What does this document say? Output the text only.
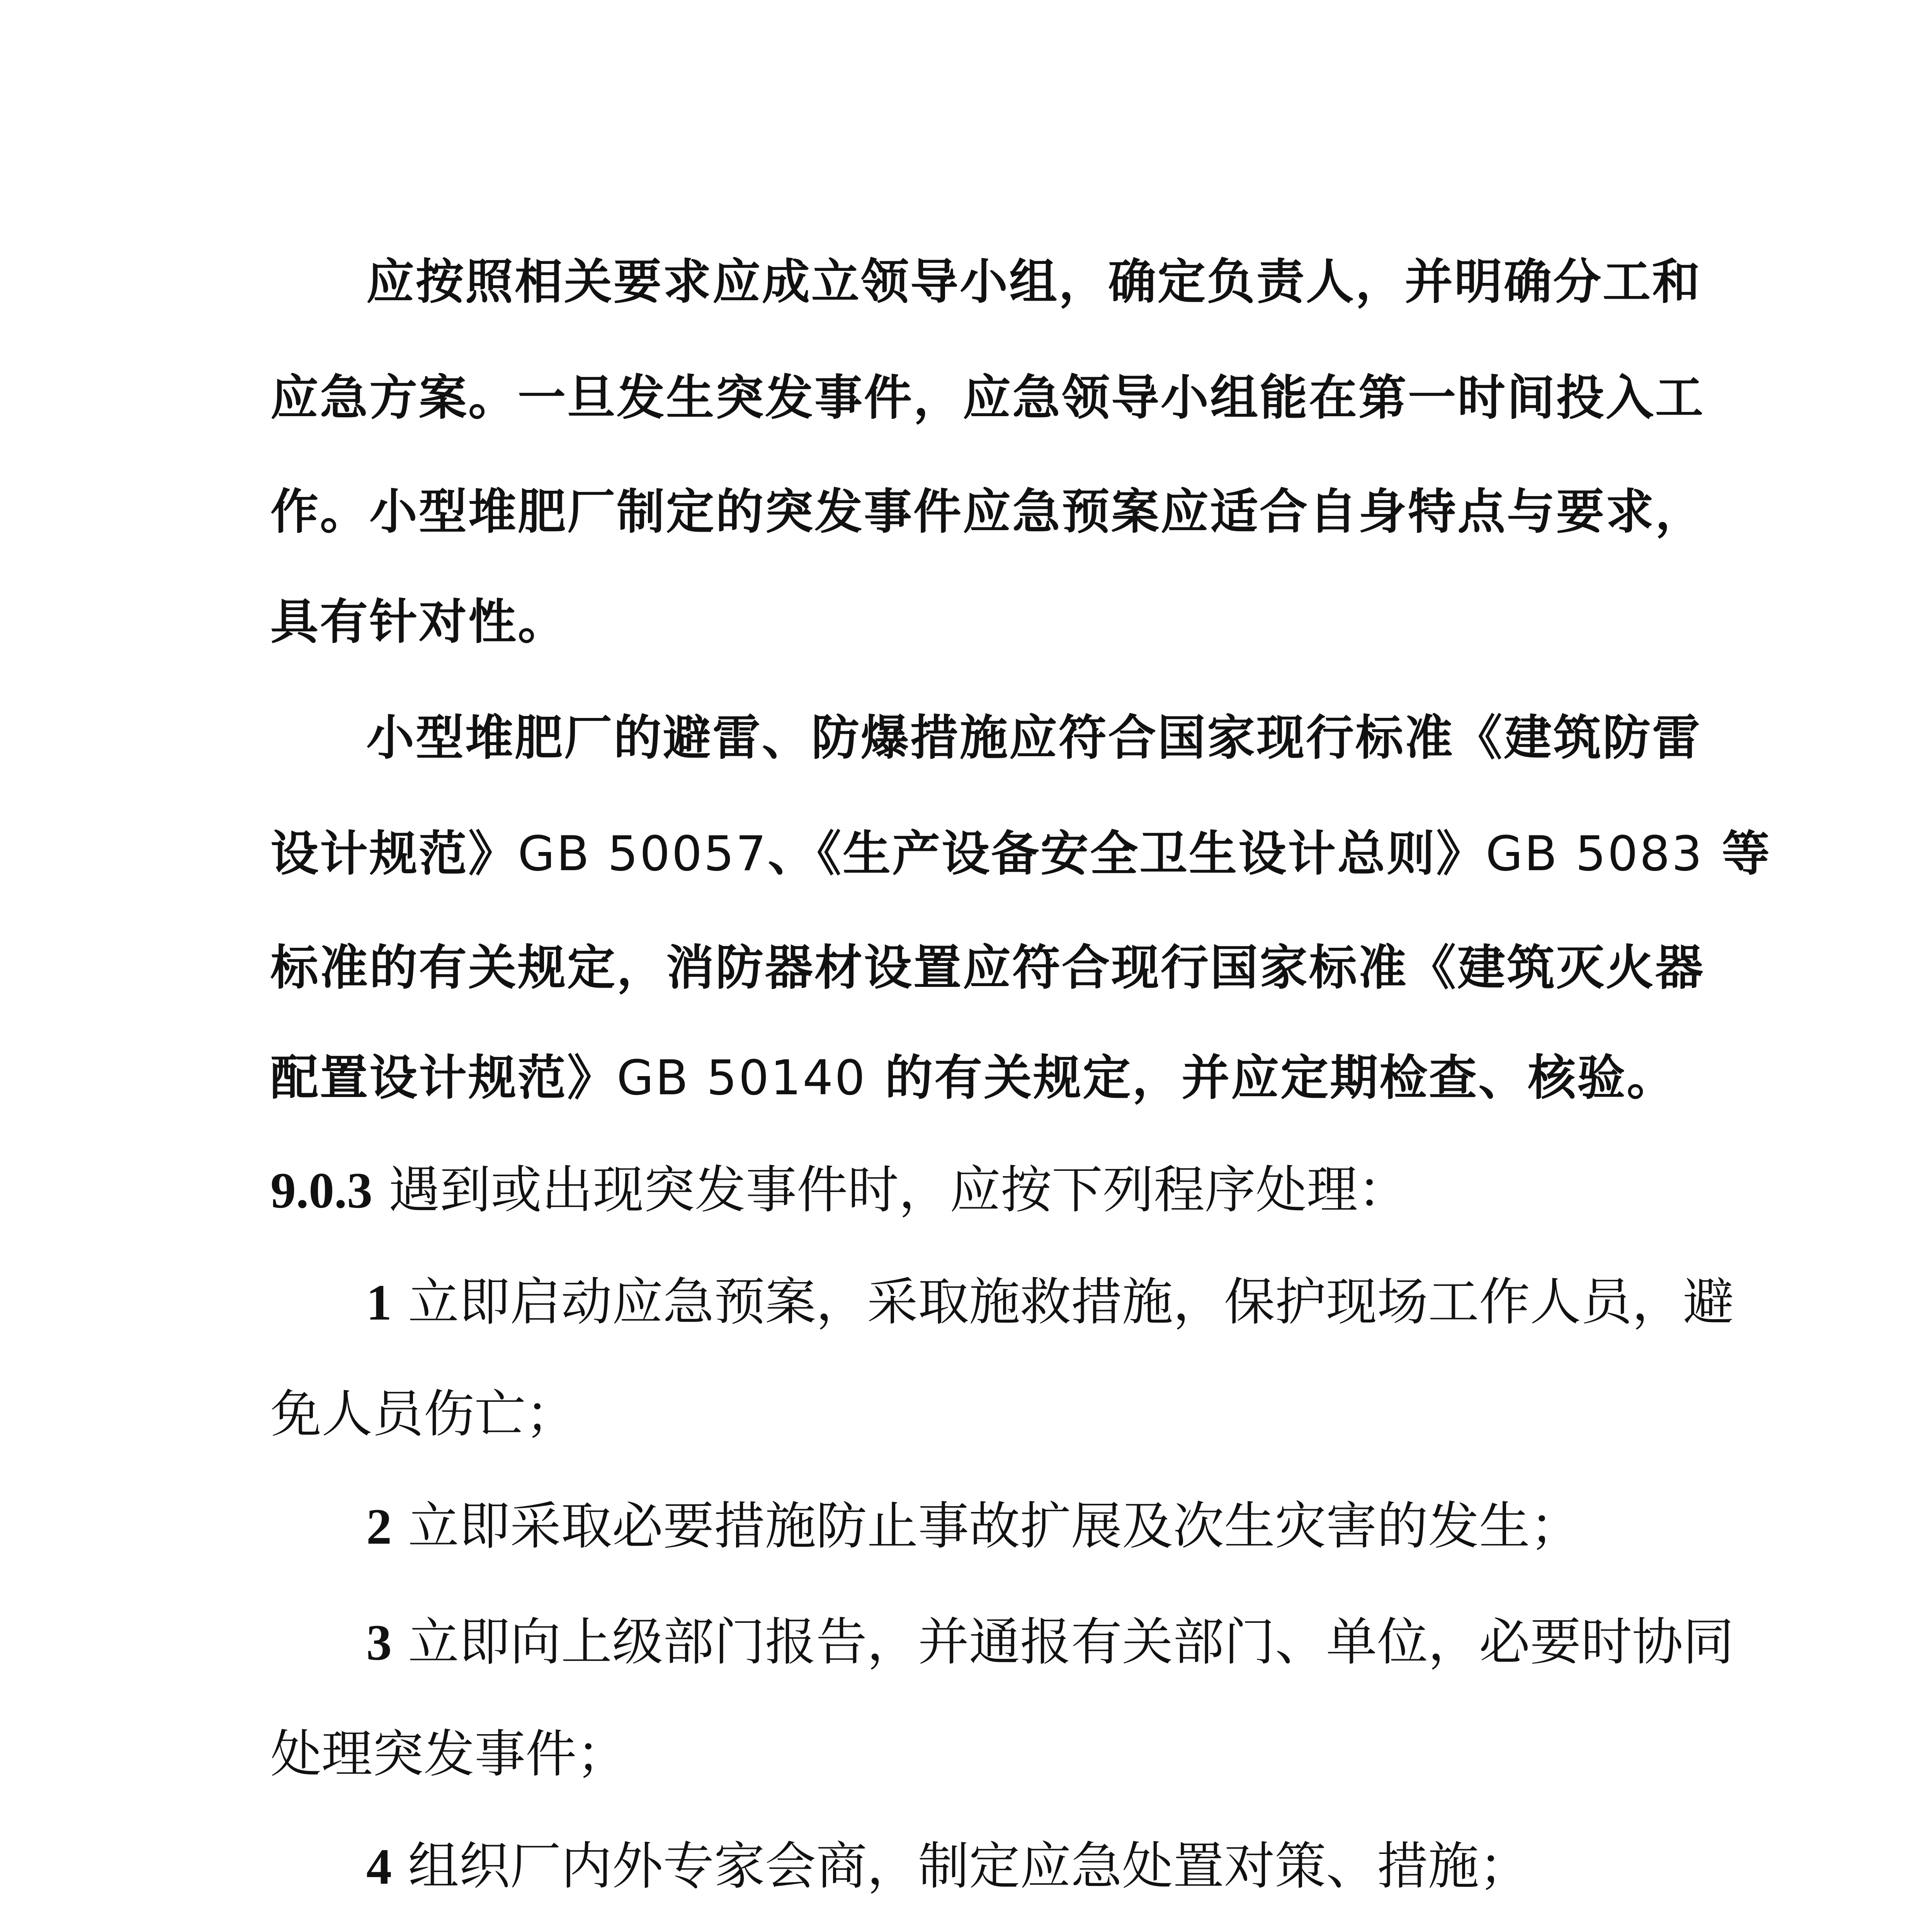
应按照相关要求应成立领导小组，确定负责人，并明确分工和
应急方案。一旦发生突发事件，应急领导小组能在第一时间投入工
作。小型堆肥厂制定的突发事件应急预案应适合自身特点与要求，
具有针对性。
小型堆肥厂的避雷、防爆措施应符合国家现行标准《建筑防雷
设计规范》GB 50057、《生产设备安全卫生设计总则》GB 5083 等
标准的有关规定，消防器材设置应符合现行国家标准《建筑灭火器
配置设计规范》GB 50140 的有关规定，并应定期检查、核验。
9.0.3 遇到或出现突发事件时，应按下列程序处理：
1 立即启动应急预案，采取施救措施，保护现场工作人员，避
免人员伤亡；
2 立即采取必要措施防止事故扩展及次生灾害的发生；
3 立即向上级部门报告，并通报有关部门、单位，必要时协同
处理突发事件；
4 组织厂内外专家会商，制定应急处置对策、措施；
